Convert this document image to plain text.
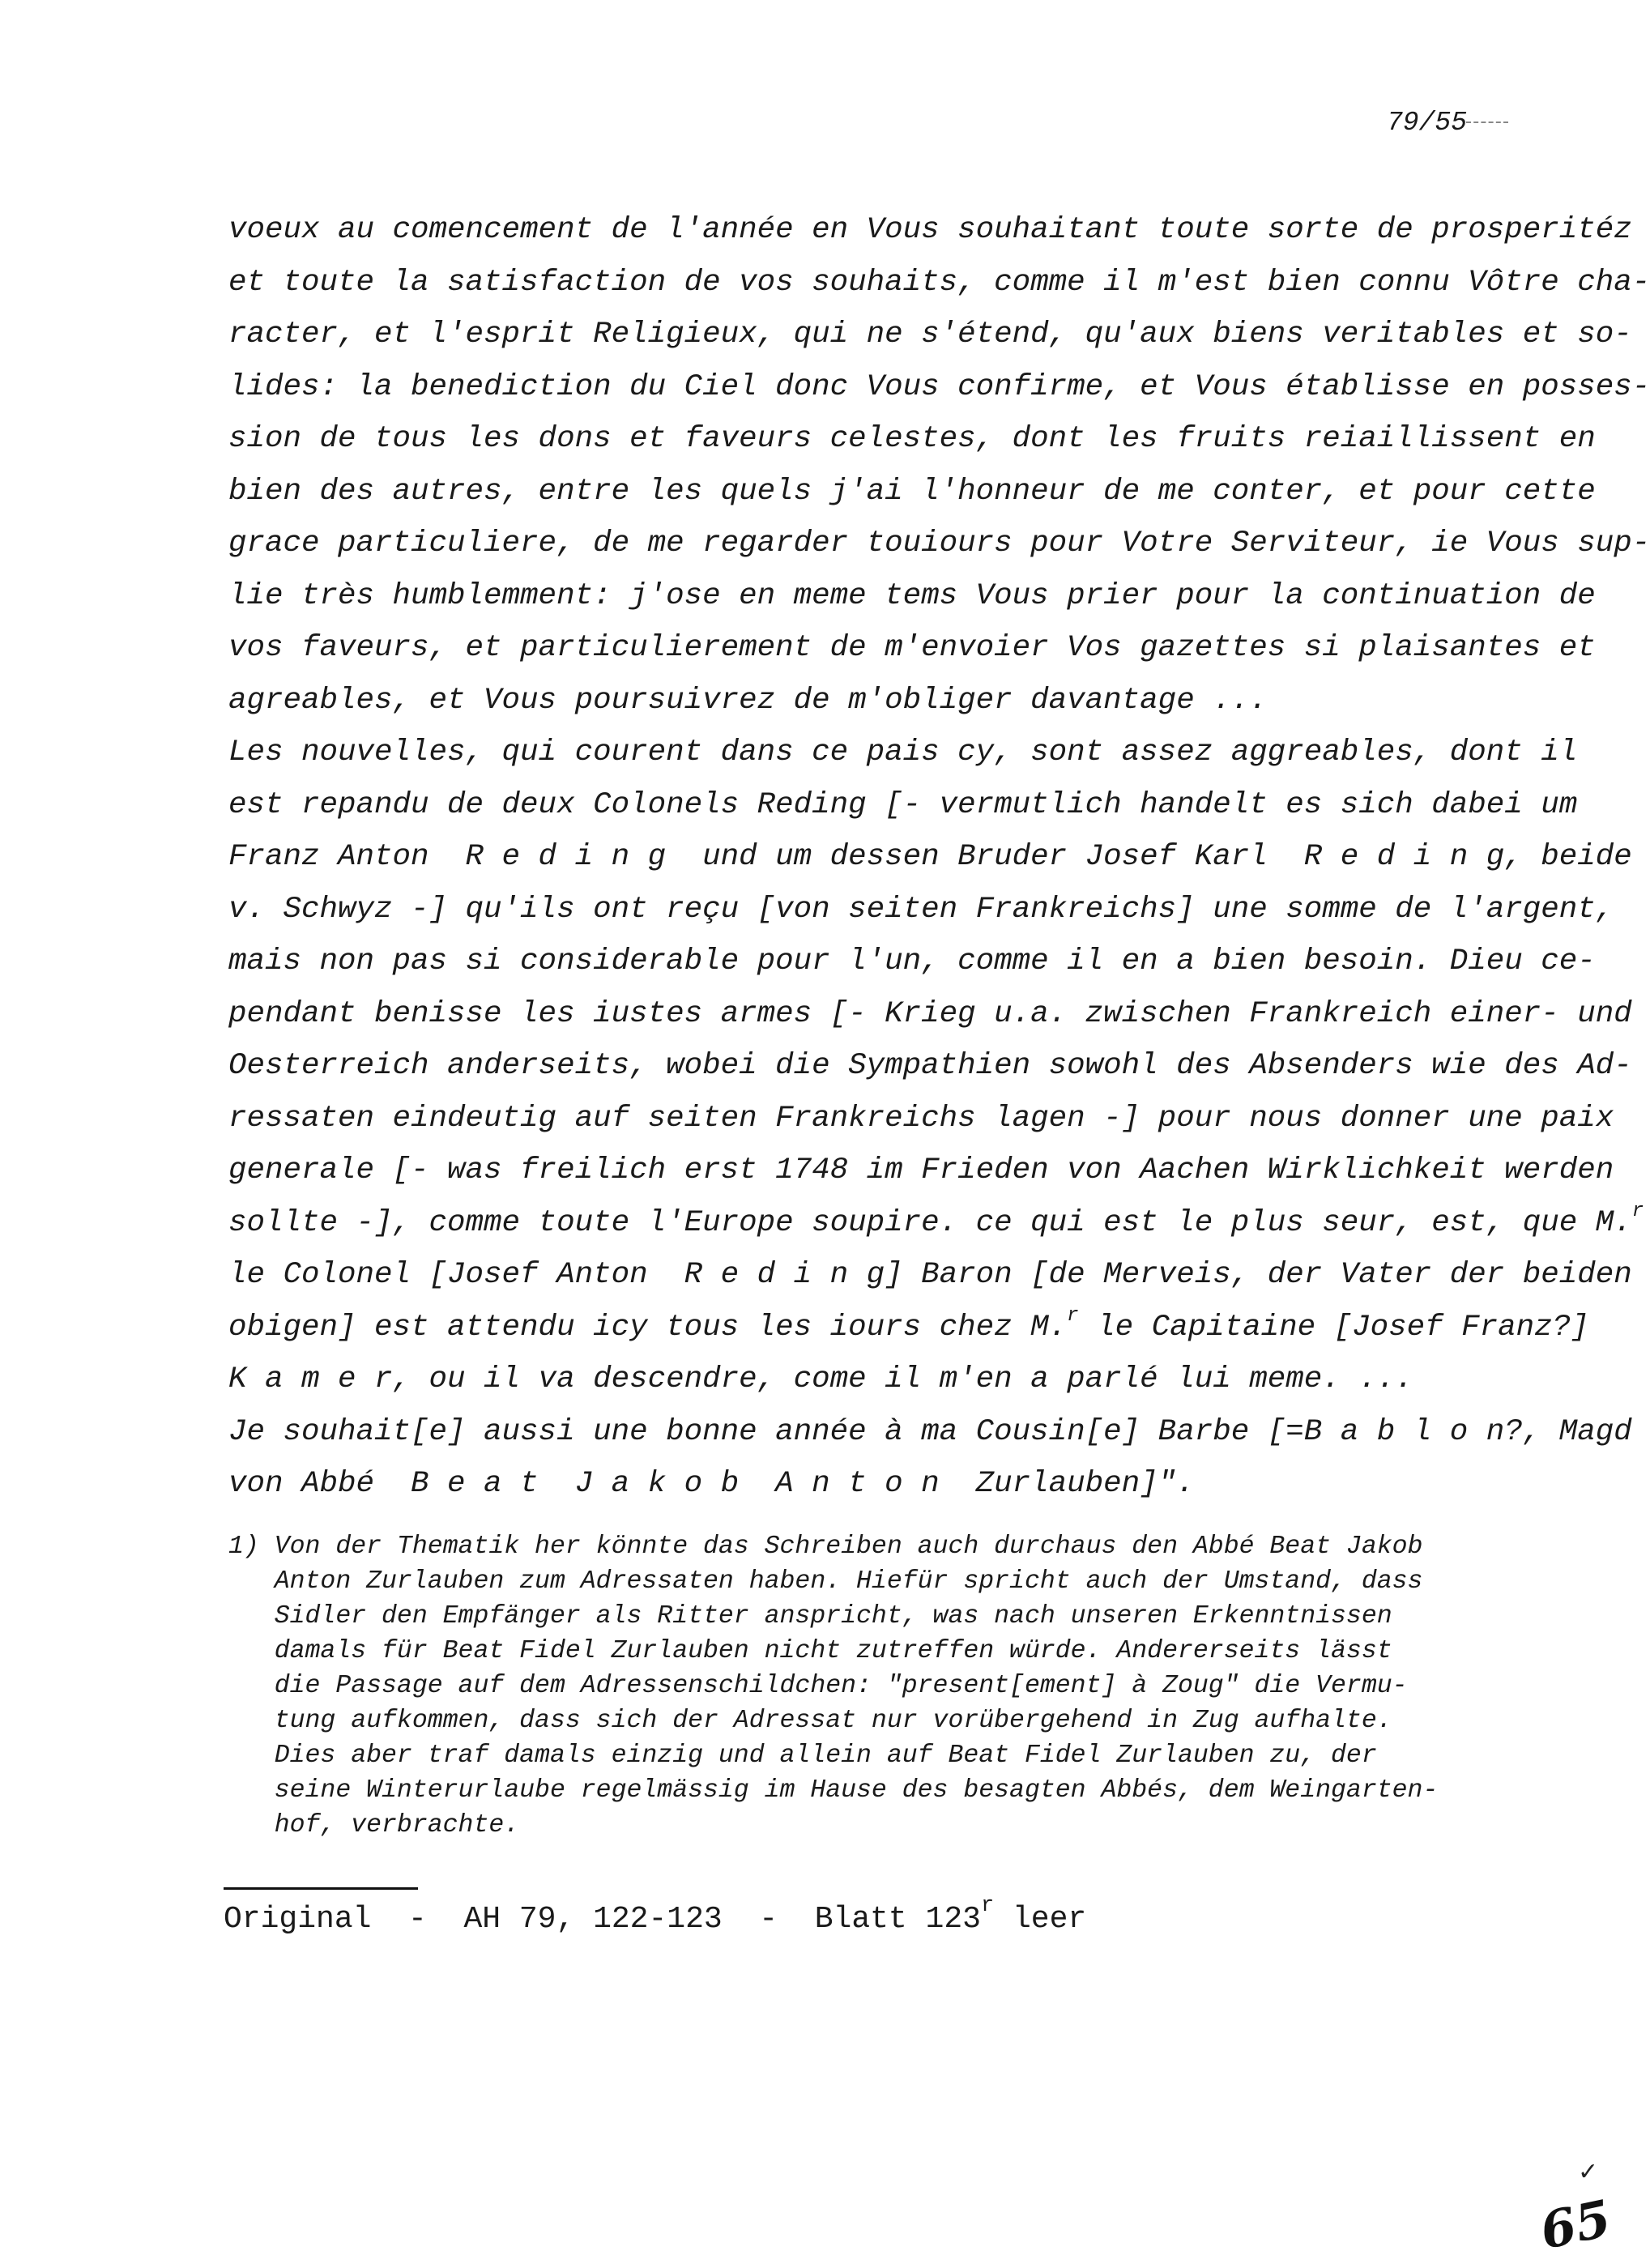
79/55
voeux au comencement de l'année en Vous souhaitant toute sorte de prosperitéz
et toute la satisfaction de vos souhaits, comme il m'est bien connu Vôtre cha-
racter, et l'esprit Religieux, qui ne s'étend, qu'aux biens veritables et so-
lides: la benediction du Ciel donc Vous confirme, et Vous établisse en posses-
sion de tous les dons et faveurs celestes, dont les fruits reiaillissent en
bien des autres, entre les quels j'ai l'honneur de me conter, et pour cette
grace particuliere, de me regarder touiours pour Votre Serviteur, ie Vous sup-
lie très humblemment: j'ose en meme tems Vous prier pour la continuation de
vos faveurs, et particulierement de m'envoier Vos gazettes si plaisantes et
agreables, et Vous poursuivrez de m'obliger davantage ...
Les nouvelles, qui courent dans ce pais cy, sont assez aggreables, dont il
est repandu de deux Colonels Reding [- vermutlich handelt es sich dabei um
Franz Anton  R e d i n g  und um dessen Bruder Josef Karl  R e d i n g, beide
v. Schwyz -] qu'ils ont reçu [von seiten Frankreichs] une somme de l'argent,
mais non pas si considerable pour l'un, comme il en a bien besoin. Dieu ce-
pendant benisse les iustes armes [- Krieg u.a. zwischen Frankreich einer- und
Oesterreich anderseits, wobei die Sympathien sowohl des Absenders wie des Ad-
ressaten eindeutig auf seiten Frankreichs lagen -] pour nous donner une paix
generale [- was freilich erst 1748 im Frieden von Aachen Wirklichkeit werden
sollte -], comme toute l'Europe soupire. ce qui est le plus seur, est, que M.$^r$
le Colonel [Josef Anton  R e d i n g] Baron [de Merveis, der Vater der beiden
obigen] est attendu icy tous les iours chez M.$^r$ le Capitaine [Josef Franz?]
K a m e r, ou il va descendre, come il m'en a parlé lui meme. ...
Je souhait[e] aussi une bonne année à ma Cousin[e] Barbe [=B a b l o n?, Magd
von Abbé  B e a t  J a k o b  A n t o n  Zurlauben]".
1) Von der Thematik her könnte das Schreiben auch durchaus den Abbé Beat Jakob
Anton Zurlauben zum Adressaten haben. Hiefür spricht auch der Umstand, dass
Sidler den Empfänger als Ritter anspricht, was nach unseren Erkenntnissen
damals für Beat Fidel Zurlauben nicht zutreffen würde. Andererseits lässt
die Passage auf dem Adressenschildchen: "present[ement] à Zoug" die Vermu-
tung aufkommen, dass sich der Adressat nur vorübergehend in Zug aufhalte.
Dies aber traf damals einzig und allein auf Beat Fidel Zurlauben zu, der
seine Winterurlaube regelmässig im Hause des besagten Abbés, dem Weingarten-
hof, verbrachte.
Original  -  AH 79, 122-123  -  Blatt 123$^r$ leer
✓
65
